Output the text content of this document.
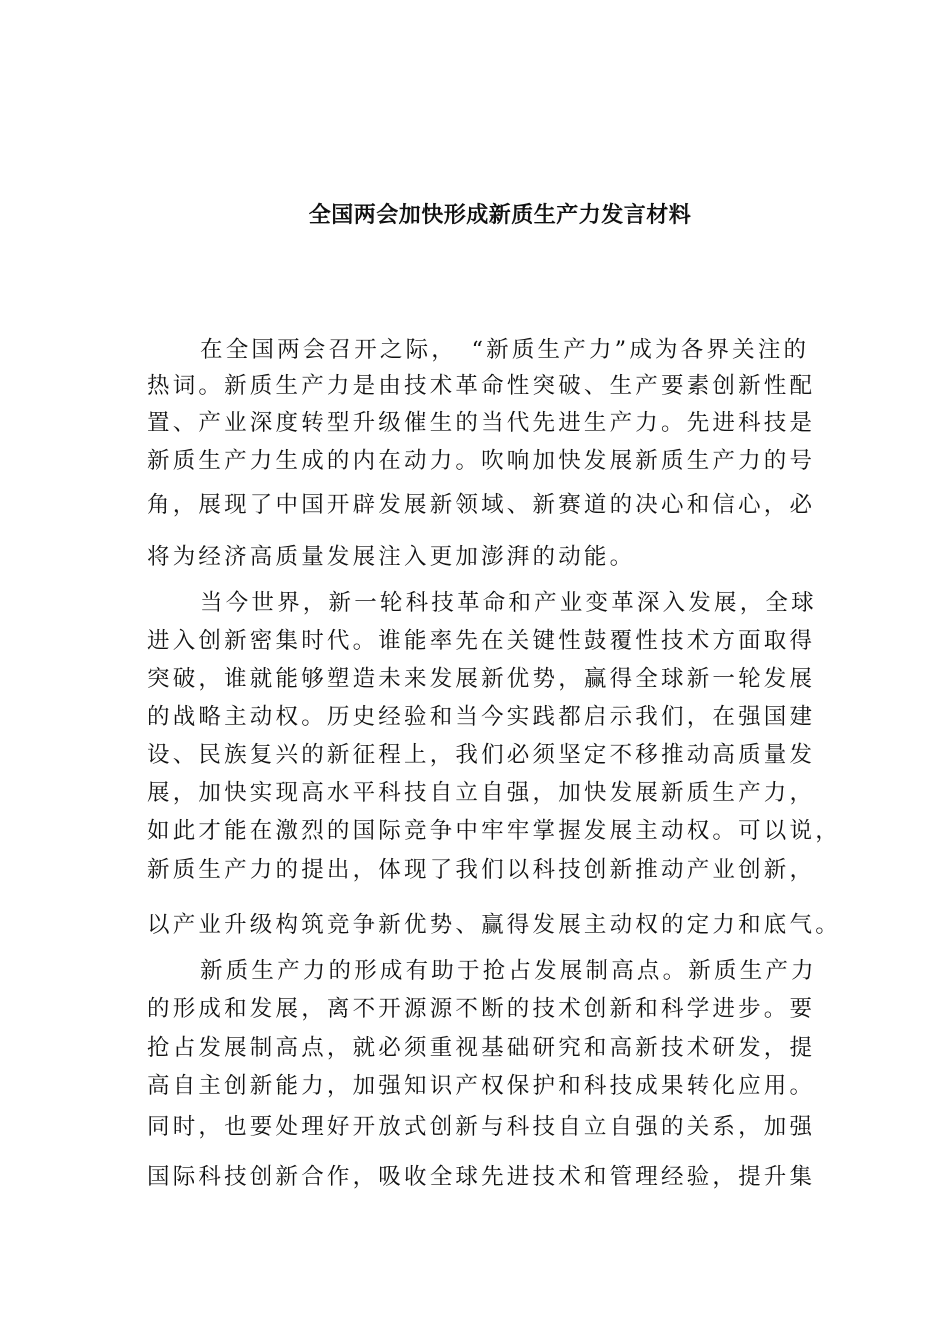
全国两会加快形成新质生产力发言材料
在全国两会召开之际，　“新质生产力”成为各界关注的
热词。新质生产力是由技术革命性突破、生产要素创新性配
置、产业深度转型升级催生的当代先进生产力。先进科技是
新质生产力生成的内在动力。吹响加快发展新质生产力的号
角，展现了中国开辟发展新领域、新赛道的决心和信心，必
将为经济高质量发展注入更加澎湃的动能。
当今世界，新一轮科技革命和产业变革深入发展，全球
进入创新密集时代。谁能率先在关键性鼓覆性技术方面取得
突破，谁就能够塑造未来发展新优势，赢得全球新一轮发展
的战略主动权。历史经验和当今实践都启示我们，在强国建
设、民族复兴的新征程上，我们必须坚定不移推动高质量发
展，加快实现高水平科技自立自强，加快发展新质生产力，
如此才能在激烈的国际竞争中牢牢掌握发展主动权。可以说，
新质生产力的提出，体现了我们以科技创新推动产业创新，
以产业升级构筑竞争新优势、赢得发展主动权的定力和底气。
新质生产力的形成有助于抢占发展制高点。新质生产力
的形成和发展，离不开源源不断的技术创新和科学进步。要
抢占发展制高点，就必须重视基础研究和高新技术研发，提
高自主创新能力，加强知识产权保护和科技成果转化应用。
同时，也要处理好开放式创新与科技自立自强的关系，加强
国际科技创新合作，吸收全球先进技术和管理经验，提升集
